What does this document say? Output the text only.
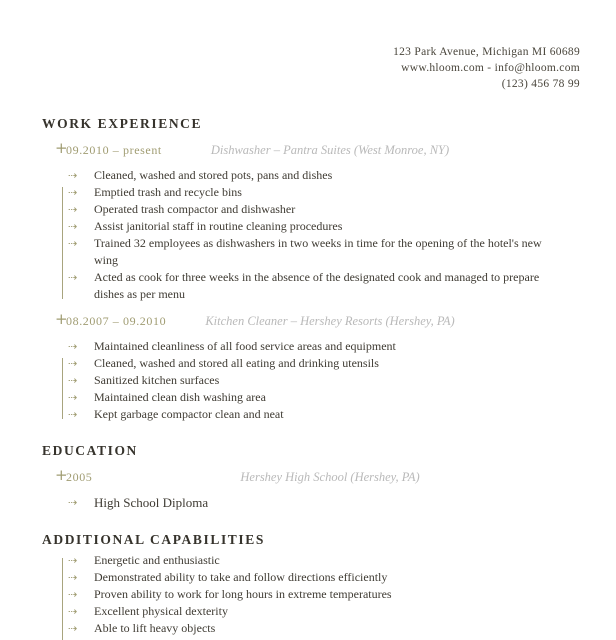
123 Park Avenue, Michigan MI 60689
www.hloom.com - info@hloom.com
(123) 456 78 99
WORK EXPERIENCE
+
09.2010 – present	Dishwasher – Pantra Suites (West Monroe, NY)
⇢ Cleaned, washed and stored pots, pans and dishes
⇢ Emptied trash and recycle bins
⇢ Operated trash compactor and dishwasher
⇢ Assist janitorial staff in routine cleaning procedures
⇢ Trained 32 employees as dishwashers in two weeks in time for the opening of the hotel's new wing
⇢ Acted as cook for three weeks in the absence of the designated cook and managed to prepare dishes as per menu
+
08.2007 – 09.2010	Kitchen Cleaner – Hershey Resorts (Hershey, PA)
⇢ Maintained cleanliness of all food service areas and equipment
⇢ Cleaned, washed and stored all eating and drinking utensils
⇢ Sanitized kitchen surfaces
⇢ Maintained clean dish washing area
⇢ Kept garbage compactor clean and neat
EDUCATION
+
2005	Hershey High School (Hershey, PA)
⇢ High School Diploma
ADDITIONAL CAPABILITIES
⇢ Energetic and enthusiastic
⇢ Demonstrated ability to take and follow directions efficiently
⇢ Proven ability to work for long hours in extreme temperatures
⇢ Excellent physical dexterity
⇢ Able to lift heavy objects
